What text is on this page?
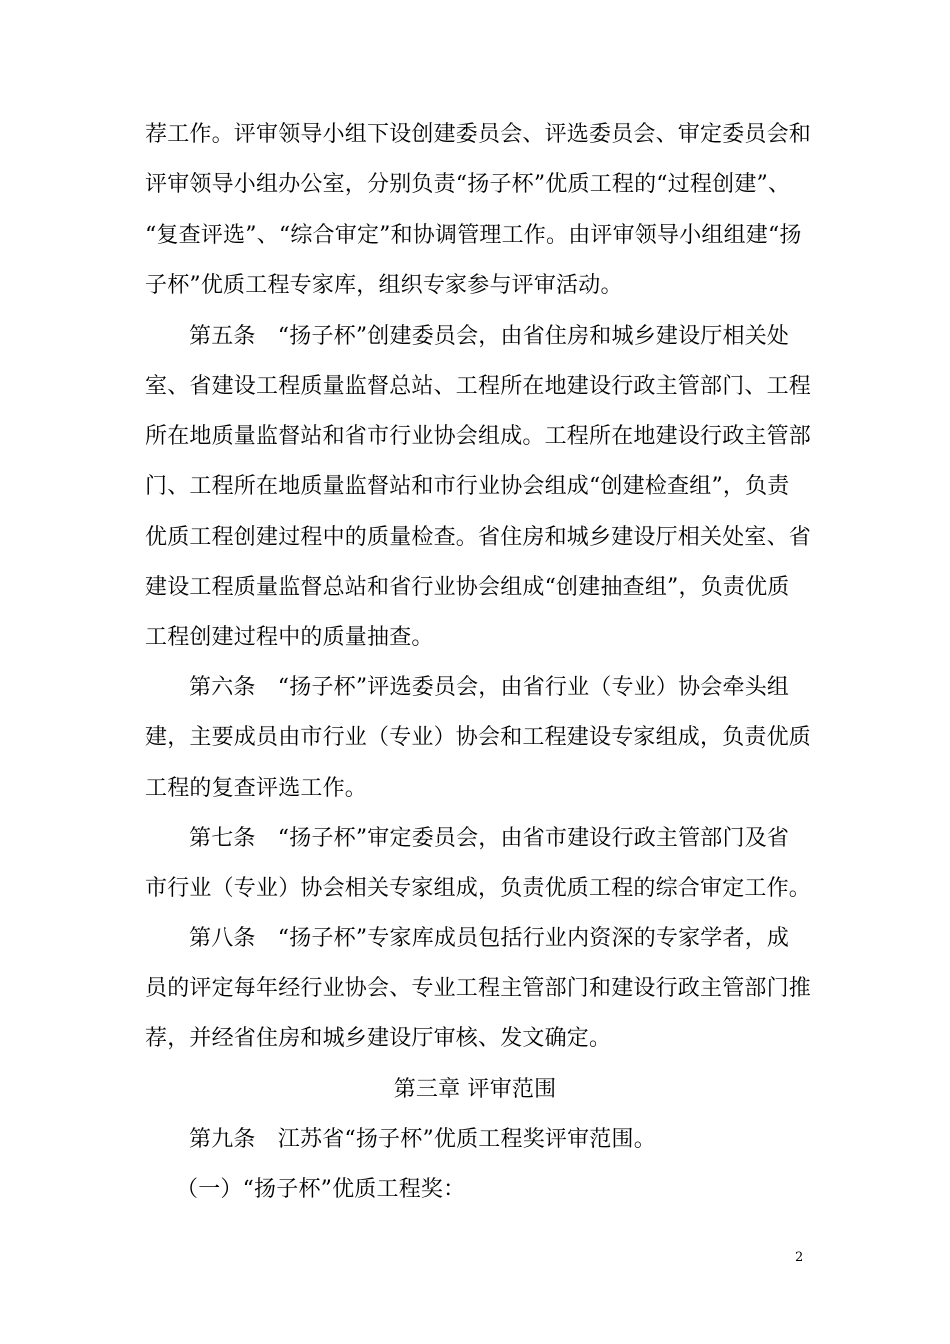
荐工作。评审领导小组下设创建委员会、评选委员会、审定委员会和
评审领导小组办公室，分别负责“扬子杯”优质工程的“过程创建”、
“复查评选”、“综合审定”和协调管理工作。由评审领导小组组建“扬
子杯”优质工程专家库，组织专家参与评审活动。
第五条　“扬子杯”创建委员会，由省住房和城乡建设厅相关处
室、省建设工程质量监督总站、工程所在地建设行政主管部门、工程
所在地质量监督站和省市行业协会组成。工程所在地建设行政主管部
门、工程所在地质量监督站和市行业协会组成“创建检查组”，负责
优质工程创建过程中的质量检查。省住房和城乡建设厅相关处室、省
建设工程质量监督总站和省行业协会组成“创建抽查组”，负责优质
工程创建过程中的质量抽查。
第六条　“扬子杯”评选委员会，由省行业（专业）协会牵头组
建，主要成员由市行业（专业）协会和工程建设专家组成，负责优质
工程的复查评选工作。
第七条　“扬子杯”审定委员会，由省市建设行政主管部门及省
市行业（专业）协会相关专家组成，负责优质工程的综合审定工作。
第八条　“扬子杯”专家库成员包括行业内资深的专家学者，成
员的评定每年经行业协会、专业工程主管部门和建设行政主管部门推
荐，并经省住房和城乡建设厅审核、发文确定。
第三章 评审范围
第九条　江苏省“扬子杯”优质工程奖评审范围。
（一）“扬子杯”优质工程奖：
2
